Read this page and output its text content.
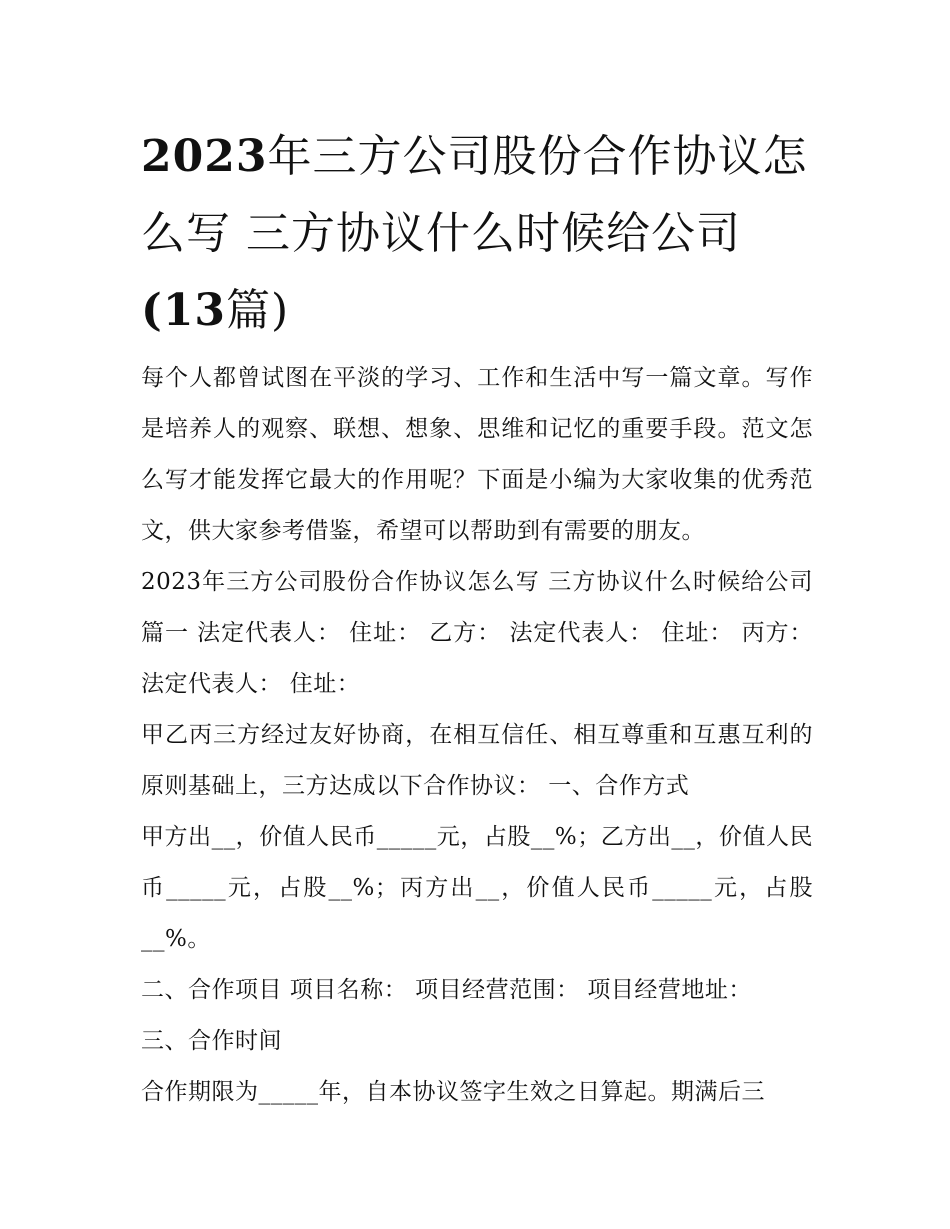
2023年三方公司股份合作协议怎么写 三方协议什么时候给公司(13篇)

每个人都曾试图在平淡的学习、工作和生活中写一篇文章。写作是培养人的观察、联想、想象、思维和记忆的重要手段。范文怎么写才能发挥它最大的作用呢？下面是小编为大家收集的优秀范文，供大家参考借鉴，希望可以帮助到有需要的朋友。

2023年三方公司股份合作协议怎么写 三方协议什么时候给公司篇一 法定代表人： 住址： 乙方： 法定代表人： 住址： 丙方： 法定代表人： 住址：

甲乙丙三方经过友好协商，在相互信任、相互尊重和互惠互利的原则基础上，三方达成以下合作协议： 一、合作方式

甲方出__，价值人民币_____元，占股__%；乙方出__，价值人民币_____元，占股__%；丙方出__，价值人民币_____元，占股__%。

二、合作项目 项目名称： 项目经营范围： 项目经营地址：

三、合作时间

合作期限为_____年，自本协议签字生效之日算起。期满后三
